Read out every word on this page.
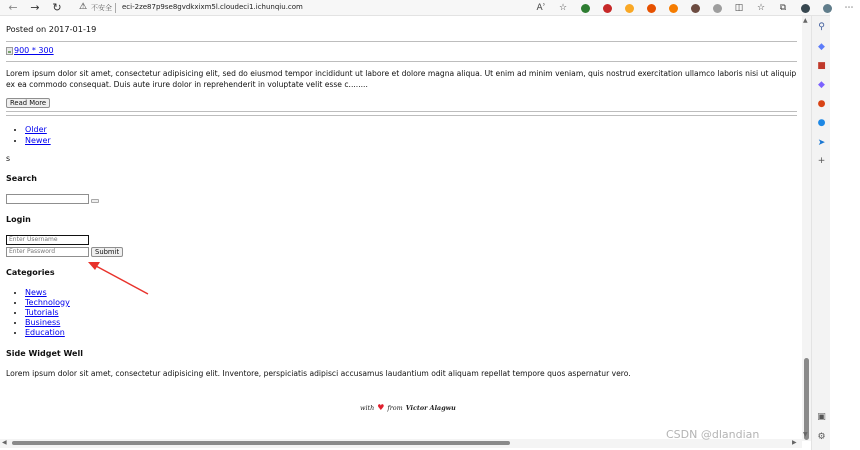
← → ↻ ⚠ 不安全 eci-2ze87p9se8gvdkxixm5l.cloudeci1.ichunqiu.com	Aʾ	☆	◫	☆	⧉	⋯
⚲
◆
■
◆
●
●
➤
+
▣
⚙
▲
▼
◀	▶
Posted on 2017-01-19
900 * 300
Lorem ipsum dolor sit amet, consectetur adipisicing elit, sed do eiusmod tempor incididunt ut labore et dolore magna aliqua. Ut enim ad minim veniam, quis nostrud exercitation ullamco laboris nisi ut aliquip ex ea commodo consequat. Duis aute irure dolor in reprehenderit in voluptate velit esse c........
Read More
• Older
• Newer
s
Search
Login
Enter Username
Enter Password	Submit
Categories
• News
• Technology
• Tutorials
• Business
• Education
Side Widget Well
Lorem ipsum dolor sit amet, consectetur adipisicing elit. Inventore, perspiciatis adipisci accusamus laudantium odit aliquam repellat tempore quos aspernatur vero.
with ♥ from Victor Alagwu
CSDN @dlandian
